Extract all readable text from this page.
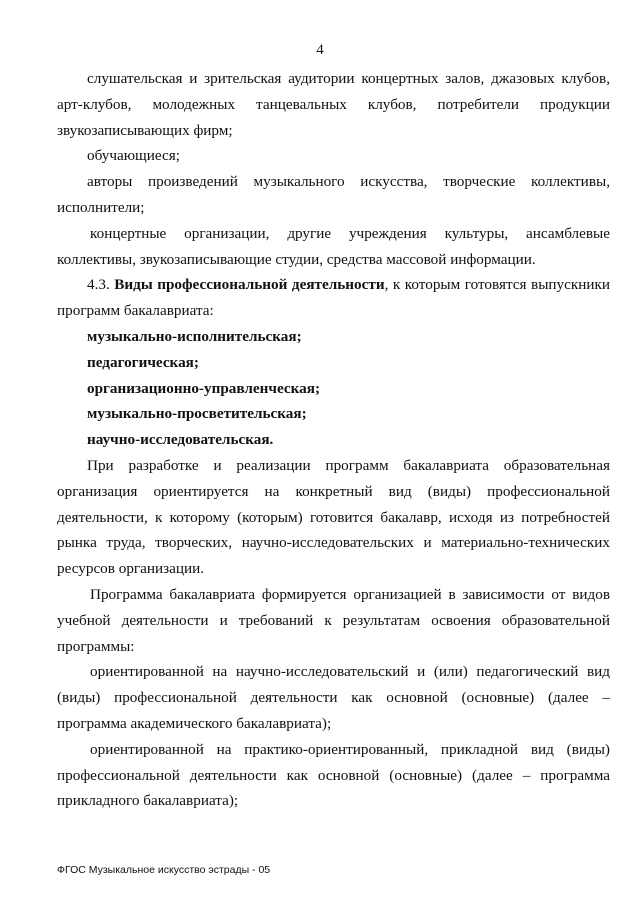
4

слушательская и зрительская аудитории концертных залов, джазовых клубов, арт-клубов, молодежных танцевальных клубов, потребители продукции звукозаписывающих фирм;

обучающиеся;

авторы произведений музыкального искусства, творческие коллективы, исполнители;

концертные организации, другие учреждения культуры, ансамблевые коллективы, звукозаписывающие студии, средства массовой информации.

4.3. Виды профессиональной деятельности, к которым готовятся выпускники программ бакалавриата:

музыкально-исполнительская;

педагогическая;

организационно-управленческая;

музыкально-просветительская;

научно-исследовательская.

При разработке и реализации программ бакалавриата образовательная организация ориентируется на конкретный вид (виды) профессиональной деятельности, к которому (которым) готовится бакалавр, исходя из потребностей рынка труда, творческих, научно-исследовательских и материально-технических ресурсов организации.

Программа бакалавриата формируется организацией в зависимости от видов учебной деятельности и требований к результатам освоения образовательной программы:

ориентированной на научно-исследовательский и (или) педагогический вид (виды) профессиональной деятельности как основной (основные) (далее – программа академического бакалавриата);

ориентированной на практико-ориентированный, прикладной вид (виды) профессиональной деятельности как основной (основные) (далее – программа прикладного бакалавриата);

ФГОС Музыкальное искусство эстрады - 05
